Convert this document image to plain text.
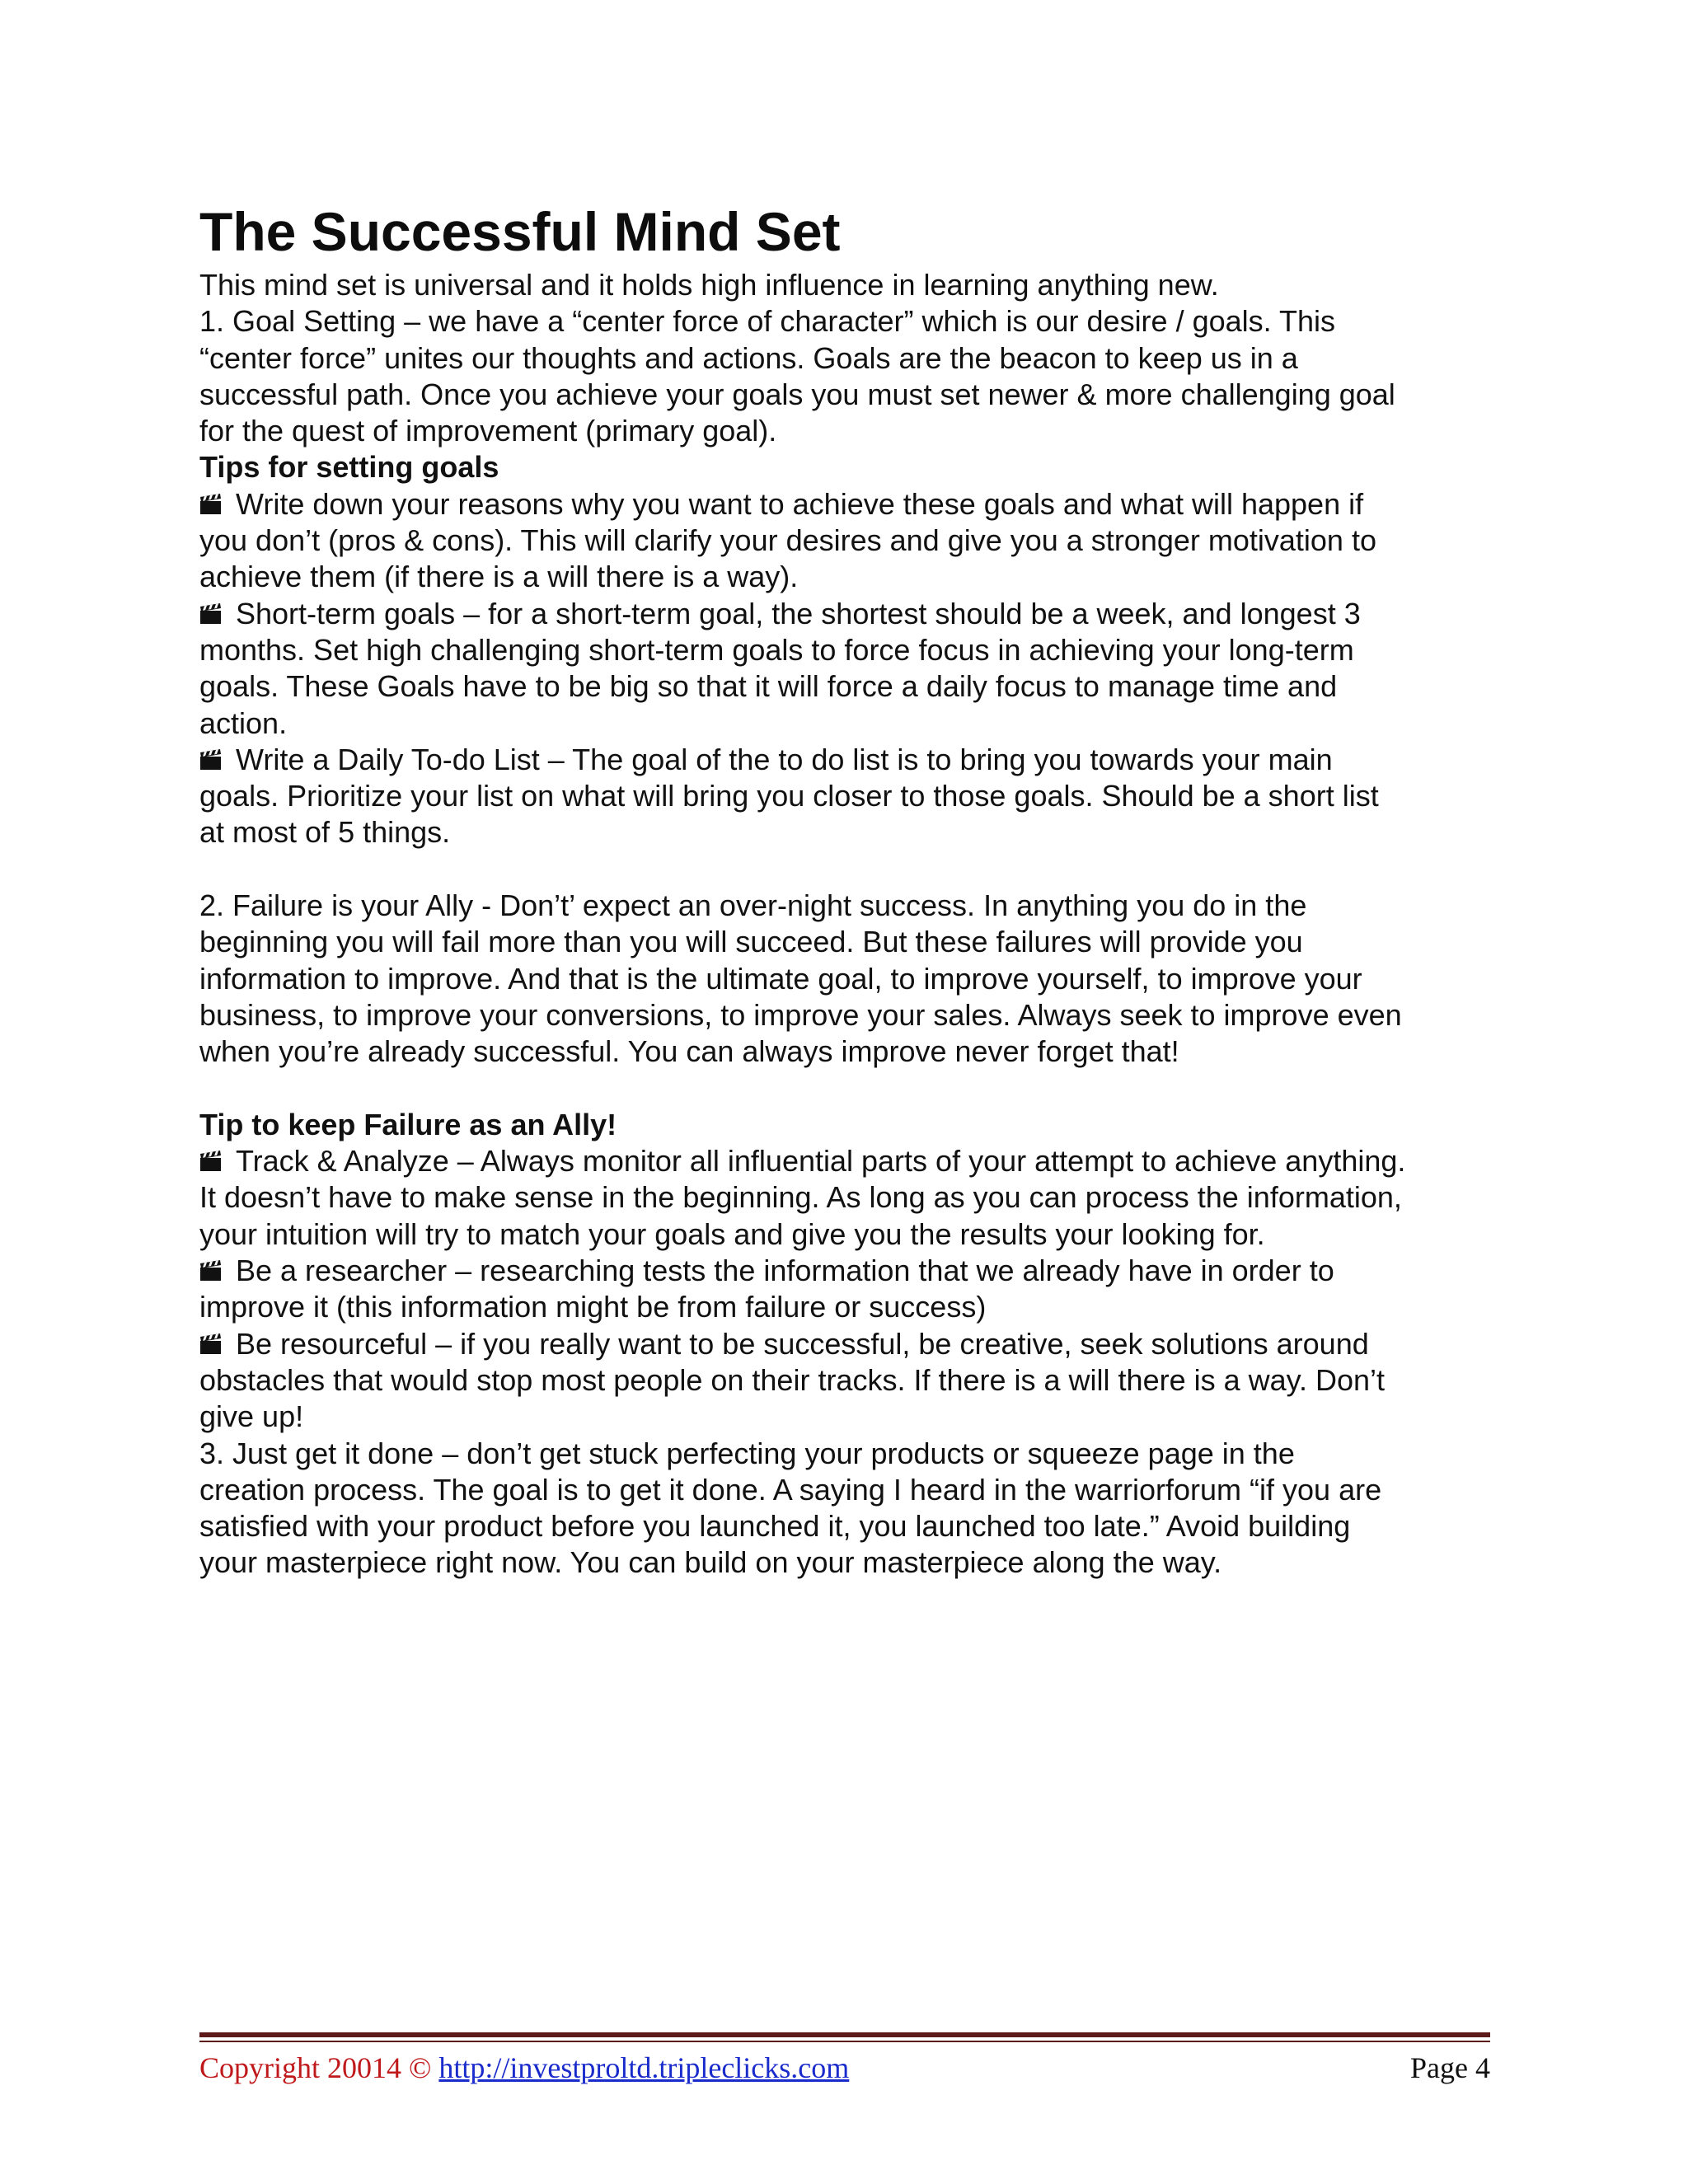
The Successful Mind Set

This mind set is universal and it holds high influence in learning anything new.

1. Goal Setting – we have a “center force of character” which is our desire / goals. This

“center force” unites our thoughts and actions. Goals are the beacon to keep us in a

successful path. Once you achieve your goals you must set newer & more challenging goal

for the quest of improvement (primary goal).

Tips for setting goals

Write down your reasons why you want to achieve these goals and what will happen if

you don’t (pros & cons). This will clarify your desires and give you a stronger motivation to

achieve them (if there is a will there is a way).

Short-term goals – for a short-term goal, the shortest should be a week, and longest 3

months. Set high challenging short-term goals to force focus in achieving your long-term

goals. These Goals have to be big so that it will force a daily focus to manage time and

action.

Write a Daily To-do List – The goal of the to do list is to bring you towards your main

goals. Prioritize your list on what will bring you closer to those goals. Should be a short list

at most of 5 things.

2. Failure is your Ally - Don’t’ expect an over-night success. In anything you do in the

beginning you will fail more than you will succeed. But these failures will provide you

information to improve. And that is the ultimate goal, to improve yourself, to improve your

business, to improve your conversions, to improve your sales. Always seek to improve even

when you’re already successful. You can always improve never forget that!

Tip to keep Failure as an Ally!

Track & Analyze – Always monitor all influential parts of your attempt to achieve anything.

It doesn’t have to make sense in the beginning. As long as you can process the information,

your intuition will try to match your goals and give you the results your looking for.

Be a researcher – researching tests the information that we already have in order to

improve it (this information might be from failure or success)

Be resourceful – if you really want to be successful, be creative, seek solutions around

obstacles that would stop most people on their tracks. If there is a will there is a way. Don’t

give up!

3. Just get it done – don’t get stuck perfecting your products or squeeze page in the

creation process. The goal is to get it done. A saying I heard in the warriorforum “if you are

satisfied with your product before you launched it, you launched too late.” Avoid building

your masterpiece right now. You can build on your masterpiece along the way.

Copyright 20014 © http://investproltd.tripleclicks.com	Page 4
